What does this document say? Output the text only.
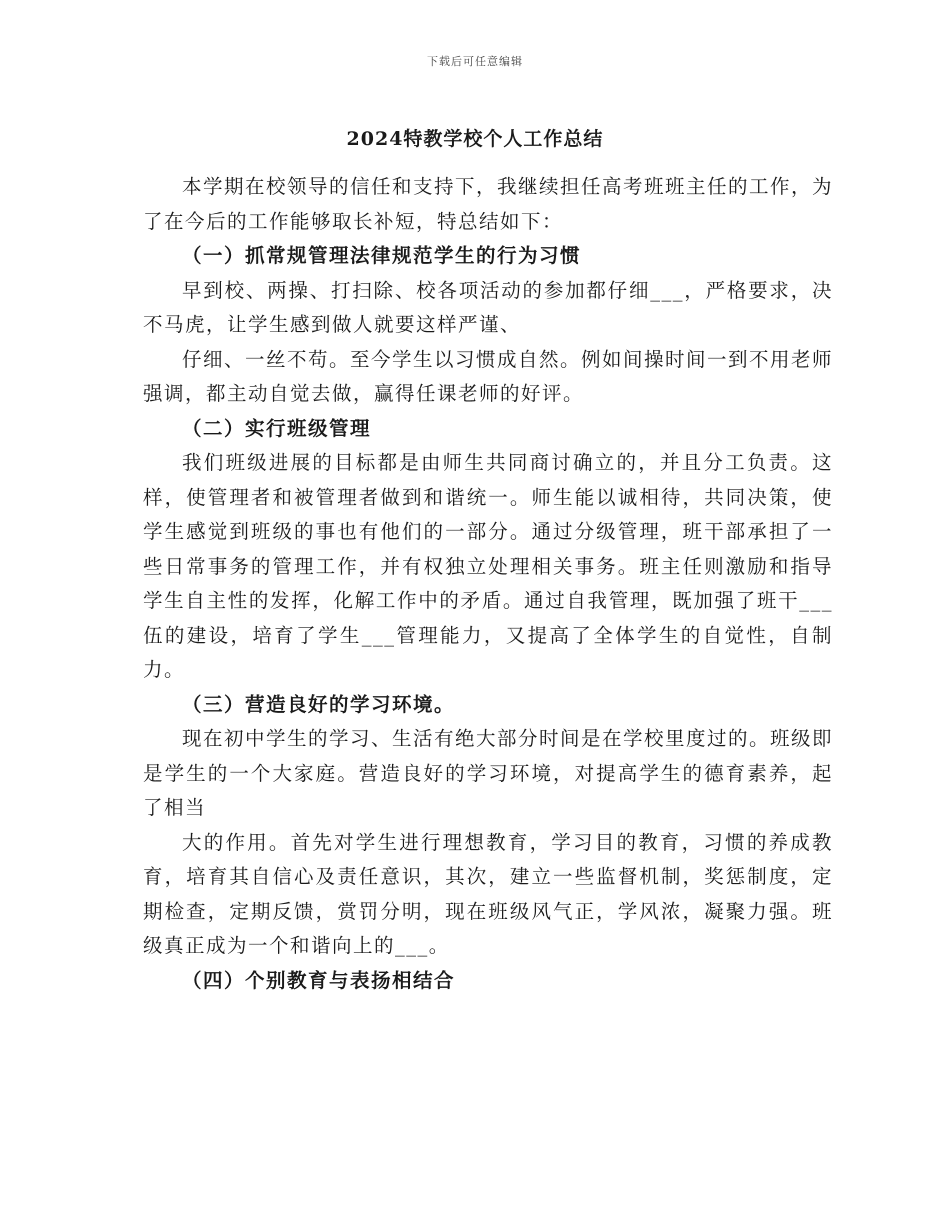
下载后可任意编辑
2024特教学校个人工作总结

本学期在校领导的信任和支持下，我继续担任高考班班主任的工作，为了在今后的工作能够取长补短，特总结如下：

（一）抓常规管理法律规范学生的行为习惯

早到校、两操、打扫除、校各项活动的参加都仔细___，严格要求，决不马虎，让学生感到做人就要这样严谨、

仔细、一丝不苟。至今学生以习惯成自然。例如间操时间一到不用老师强调，都主动自觉去做，赢得任课老师的好评。

（二）实行班级管理

我们班级进展的目标都是由师生共同商讨确立的，并且分工负责。这样，使管理者和被管理者做到和谐统一。师生能以诚相待，共同决策，使学生感觉到班级的事也有他们的一部分。通过分级管理，班干部承担了一些日常事务的管理工作，并有权独立处理相关事务。班主任则激励和指导学生自主性的发挥，化解工作中的矛盾。通过自我管理，既加强了班干___伍的建设，培育了学生___管理能力，又提高了全体学生的自觉性，自制力。

（三）营造良好的学习环境。

现在初中学生的学习、生活有绝大部分时间是在学校里度过的。班级即是学生的一个大家庭。营造良好的学习环境，对提高学生的德育素养，起了相当

大的作用。首先对学生进行理想教育，学习目的教育，习惯的养成教育，培育其自信心及责任意识，其次，建立一些监督机制，奖惩制度，定期检查，定期反馈，赏罚分明，现在班级风气正，学风浓，凝聚力强。班级真正成为一个和谐向上的___。

（四）个别教育与表扬相结合
